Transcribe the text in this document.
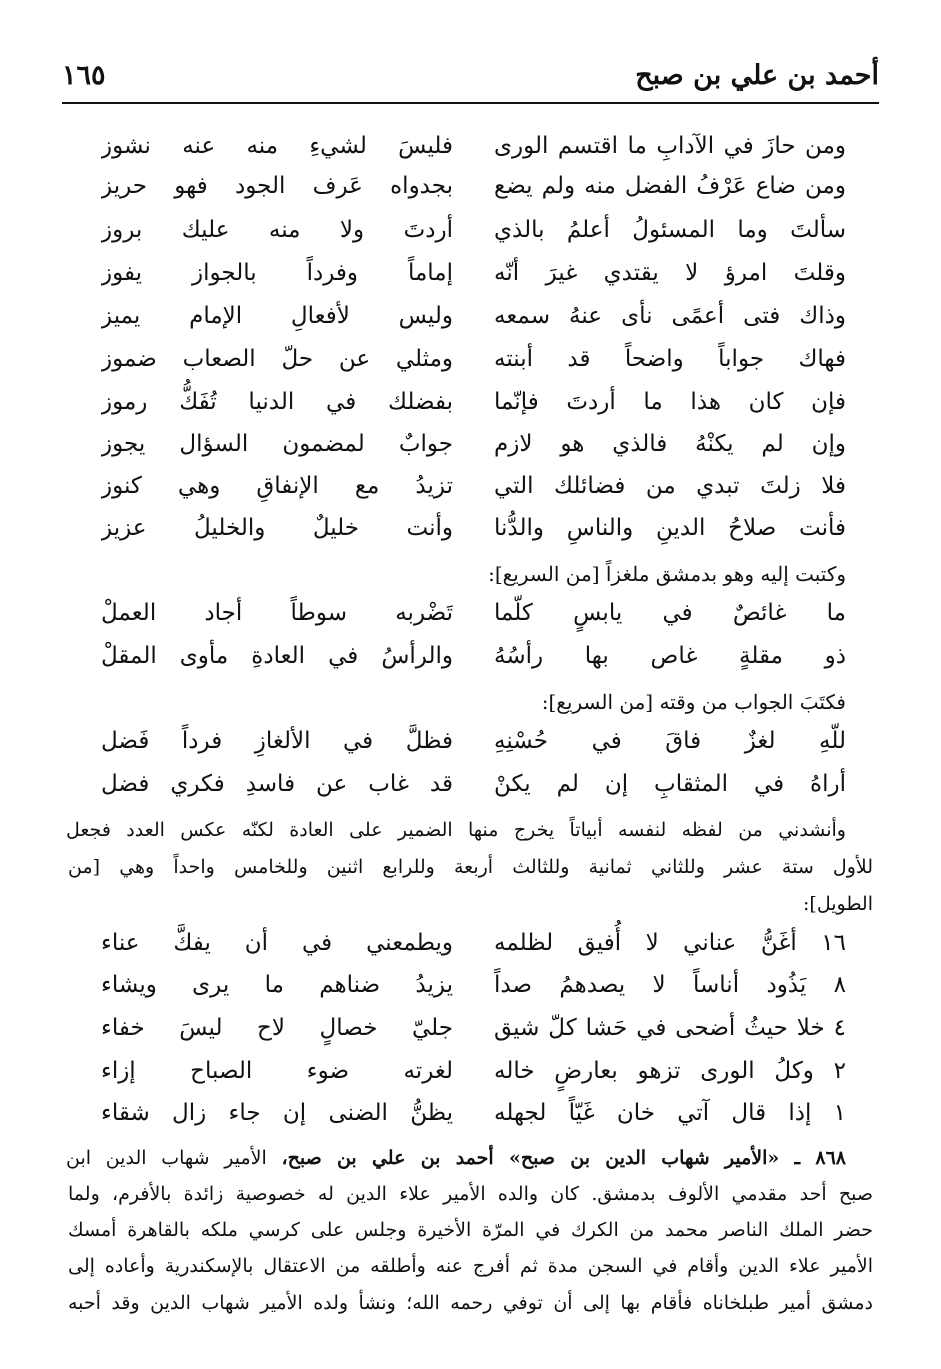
أحمد بن علي بن صبح
١٦٥
ومن حازَ في الآدابِ ما اقتسم الورى
فليسَ لشيءِ منه عنه نشوز
ومن ضاع عَرْفُ الفضل منه ولم يضع
بجدواه عَرف الجود فهو حريز
سألتَ وما المسئولُ أعلمُ بالذي
أردتَ ولا منه عليك بروز
وقلتَ امرؤ لا يقتدي غيرَ أنّه
إماماً وفرداً بالجواز يفوز
وذاك فتى أعمًى نأى عنهُ سمعه
وليس لأفعالِ الإمام يميز
فهاك جواباً واضحاً قد أبنته
ومثلي عن حلّ الصعاب ضموز
فإن كان هذا ما أردتَ فإنّما
بفضلك في الدنيا تُفَكُّ رموز
وإن لم يكنْهُ فالذي هو لازم
جوابٌ لمضمون السؤال يجوز
فلا زلتَ تبدي من فضائلك التي
تزيدُ مع الإنفاقِ وهي كنوز
فأنت صلاحُ الدينِ والناسِ والدُّنا
وأنت خليلٌ والخليلُ عزيز
وكتبت إليه وهو بدمشق ملغزاً [من السريع]:
ما غائصٌ في يابسٍ كلّما
تَضْربه سوطاً أجاد العملْ
ذو مقلةٍ غاص بها رأسُهُ
والرأسُ في العادةِ مأوى المقلْ
فكتَبَ الجواب من وقته [من السريع]:
للّهِ لغزٌ فاقَ في حُسْنِهِ
فظلَّ في الألغازِ فرداً فَضل
أراهُ في المثقابِ إن لم يكنْ
قد غاب عن فاسدِ فكري فضل
وأنشدني من لفظه لنفسه أبياتاً يخرج منها الضمير على العادة لكنّه عكس العدد فجعل
للأول ستة عشر وللثاني ثمانية وللثالث أربعة وللرابع اثنين وللخامس واحداً وهي [من
الطويل]:
١٦ أغَنُّ عناني لا أُفيق لظلمه
ويطمعني في أن يفكَّ عناء
٨ يَذُود أناساً لا يصدهمُ صداً
يزيدُ ضناهم ما يرى ويشاء
٤ خلا حيثُ أضحى في حَشا كلّ شيق
جليّ خصالٍ لاح ليسَ خفاء
٢ وكلُ الورى تزهو بعارضٍ خاله
لغرته ضوء الصباح إزاء
١ إذا قال آتي خان غَيّاً لجهله
يظنُّ الضنى إن جاء زال شقاء
٨٦٨ ـ «الأمير شهاب الدين بن صبح» أحمد بن علي بن صبح، الأمير شهاب الدين ابن
صبح أحد مقدمي الألوف بدمشق. كان والده الأمير علاء الدين له خصوصية زائدة بالأفرم، ولما
حضر الملك الناصر محمد من الكرك في المرّة الأخيرة وجلس على كرسي ملكه بالقاهرة أمسك
الأمير علاء الدين وأقام في السجن مدة ثم أفرج عنه وأطلقه من الاعتقال بالإسكندرية وأعاده إلى
دمشق أمير طبلخاناه فأقام بها إلى أن توفي رحمه الله؛ ونشأ ولده الأمير شهاب الدين وقد أحبه
